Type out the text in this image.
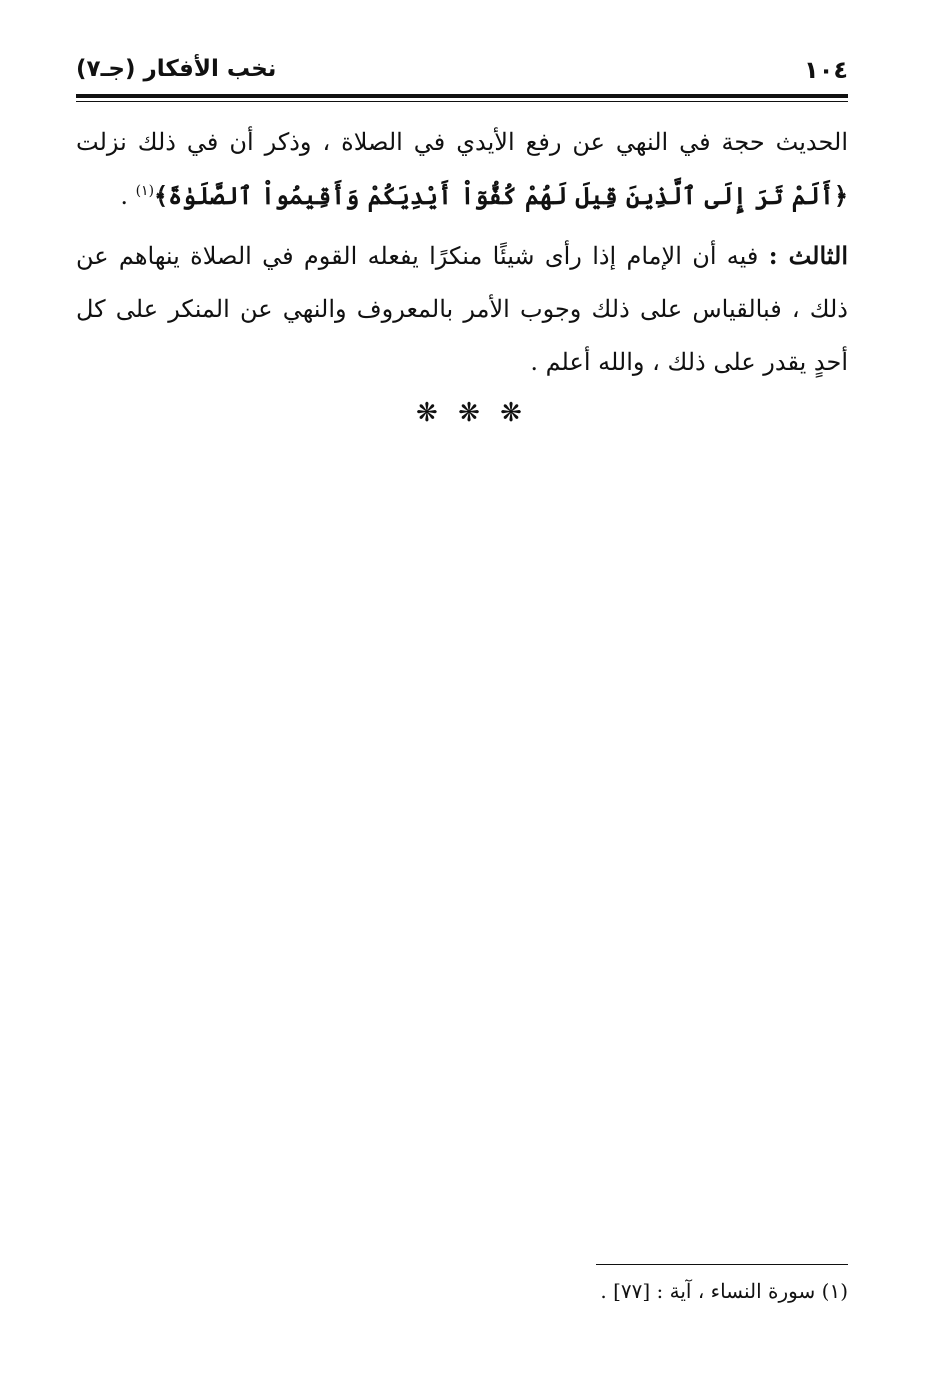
١٠٤
نخب الأفكار (جـ٧)

الحديث حجة في النهي عن رفع الأيدي في الصلاة ، وذكر أن في ذلك نزلت ﴿أَلَمْ تَرَ إِلَى ٱلَّذِينَ قِيلَ لَهُمْ كُفُّوٓاْ أَيْدِيَكُمْ وَأَقِيمُواْ ٱلصَّلَوٰةَ﴾$^{(١)}$ .

الثالث : فيه أن الإمام إذا رأى شيئًا منكرًا يفعله القوم في الصلاة ينهاهم عن ذلك ، فبالقياس على ذلك وجوب الأمر بالمعروف والنهي عن المنكر على كل أحدٍ يقدر على ذلك ، والله أعلم .

❋ ❋ ❋
(١) سورة النساء ، آية : [٧٧] .
